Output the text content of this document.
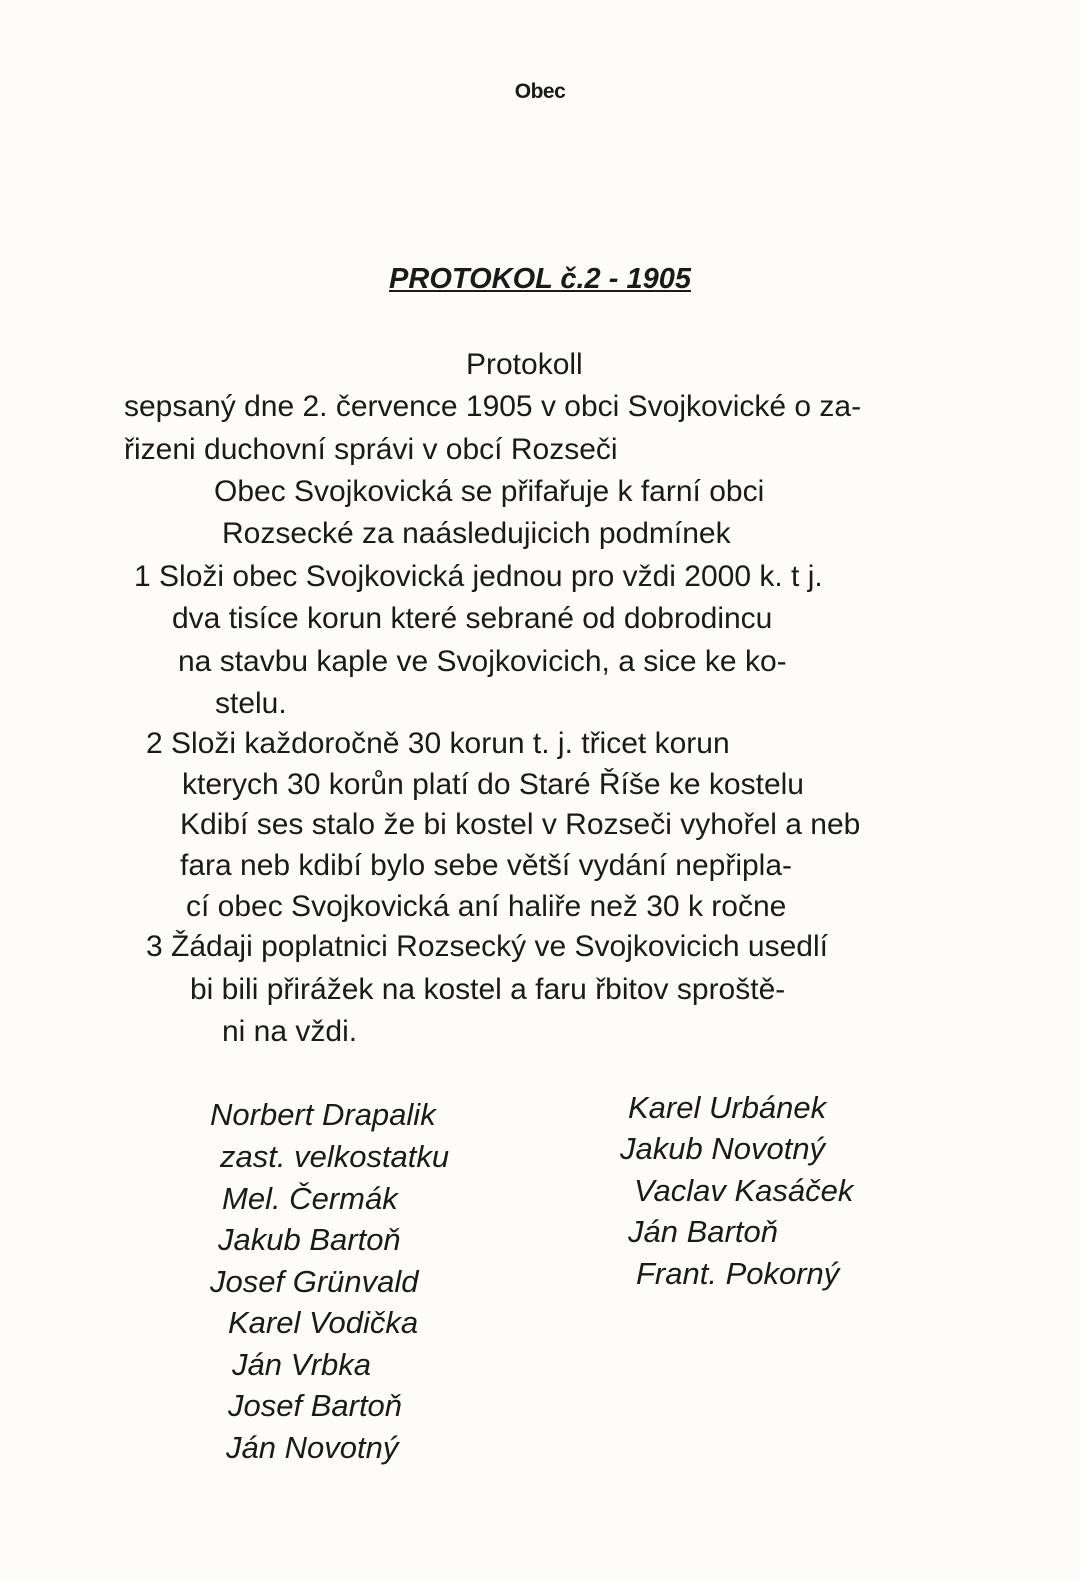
Obec
PROTOKOL č.2 - 1905
Protokoll
sepsaný dne 2. července 1905 v obci Svojkovické o za-
řizeni duchovní správi v obcí Rozseči
Obec Svojkovická se přifařuje k farní obci
Rozsecké za naásledujicich podmínek
1 Složi obec Svojkovická jednou pro vždi 2000 k. t j.
dva tisíce korun které sebrané od dobrodincu
na stavbu kaple ve Svojkovicich, a sice ke ko-
stelu.
2 Složi každoročně 30 korun t. j. třicet korun
kterych 30 korůn platí do Staré Říše ke kostelu
Kdibí ses stalo že bi kostel v Rozseči vyhořel a neb
fara neb kdibí bylo sebe větší vydání nepřipla-
cí obec Svojkovická aní haliře než 30 k ročne
3 Žádaji poplatnici Rozsecký ve Svojkovicich usedlí
bi bili přirážek na kostel a faru řbitov sproště-
ni na vždi.
Norbert Drapalik
zast. velkostatku
Mel. Čermák
Jakub Bartoň
Josef Grünvald
Karel Vodička
Ján Vrbka
Josef Bartoň
Ján Novotný
Karel Urbánek
Jakub Novotný
Vaclav Kasáček
Ján Bartoň
Frant. Pokorný
